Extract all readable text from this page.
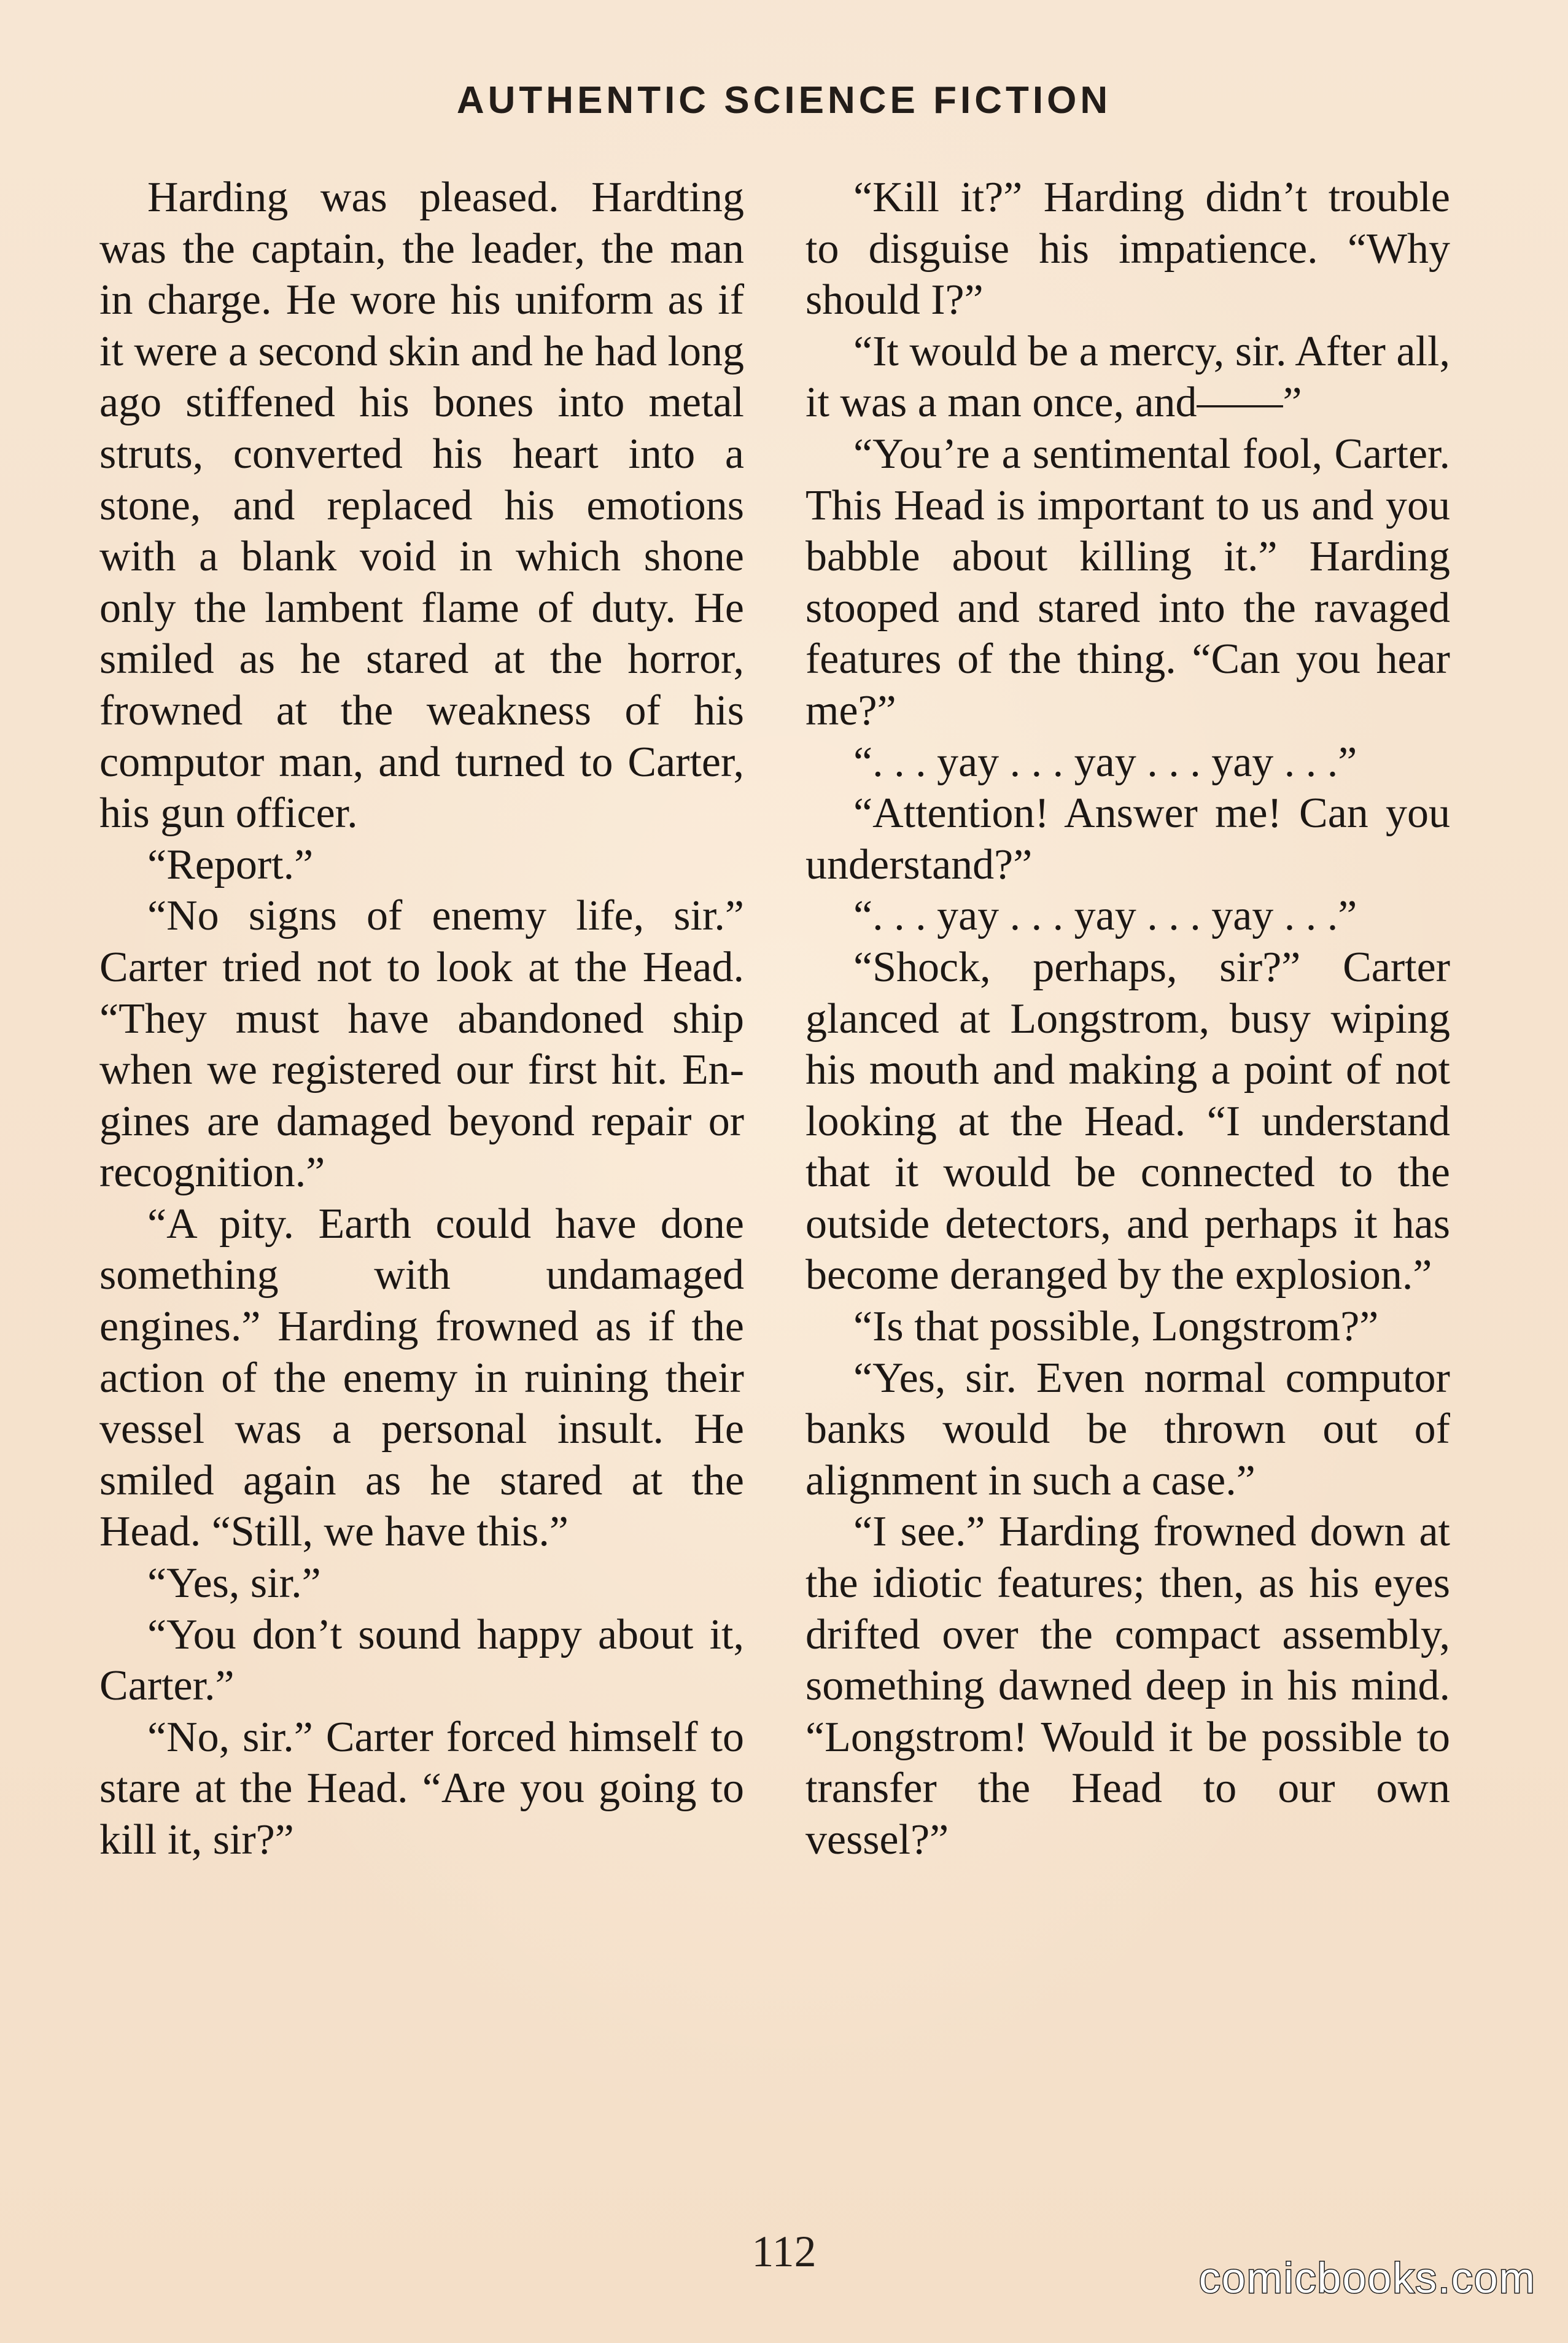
AUTHENTIC SCIENCE FICTION

Harding was pleased. Hardting was the captain, the leader, the man in charge. He wore his uniform as if it were a second skin and he had long ago stiffened his bones into metal struts, converted his heart into a stone, and replaced his emotions with a blank void in which shone only the lambent flame of duty. He smiled as he stared at the horror, frowned at the weakness of his computor man, and turned to Carter, his gun officer.

“Report.”

“No signs of enemy life, sir.” Carter tried not to look at the Head. “They must have abandoned ship when we registered our first hit. Engines are damaged beyond repair or recognition.”

“A pity. Earth could have done something with undamaged engines.” Harding frowned as if the action of the enemy in ruining their vessel was a personal insult. He smiled again as he stared at the Head. “Still, we have this.”

“Yes, sir.”

“You don’t sound happy about it, Carter.”

“No, sir.” Carter forced himself to stare at the Head. “Are you going to kill it, sir?”

“Kill it?” Harding didn’t trouble to disguise his impatience. “Why should I?”

“It would be a mercy, sir. After all, it was a man once, and——”

“You’re a sentimental fool, Carter. This Head is important to us and you babble about killing it.” Harding stooped and stared into the ravaged features of the thing. “Can you hear me?”

“. . . yay . . . yay . . . yay . . .”

“Attention! Answer me! Can you understand?”

“. . . yay . . . yay . . . yay . . .”

“Shock, perhaps, sir?” Carter glanced at Longstrom, busy wiping his mouth and making a point of not looking at the Head. “I understand that it would be connected to the outside detectors, and perhaps it has become deranged by the explosion.”

“Is that possible, Longstrom?”

“Yes, sir. Even normal computor banks would be thrown out of alignment in such a case.”

“I see.” Harding frowned down at the idiotic features; then, as his eyes drifted over the compact assembly, something dawned deep in his mind. “Longstrom! Would it be possible to transfer the Head to our own vessel?”

112
comicbooks.com
